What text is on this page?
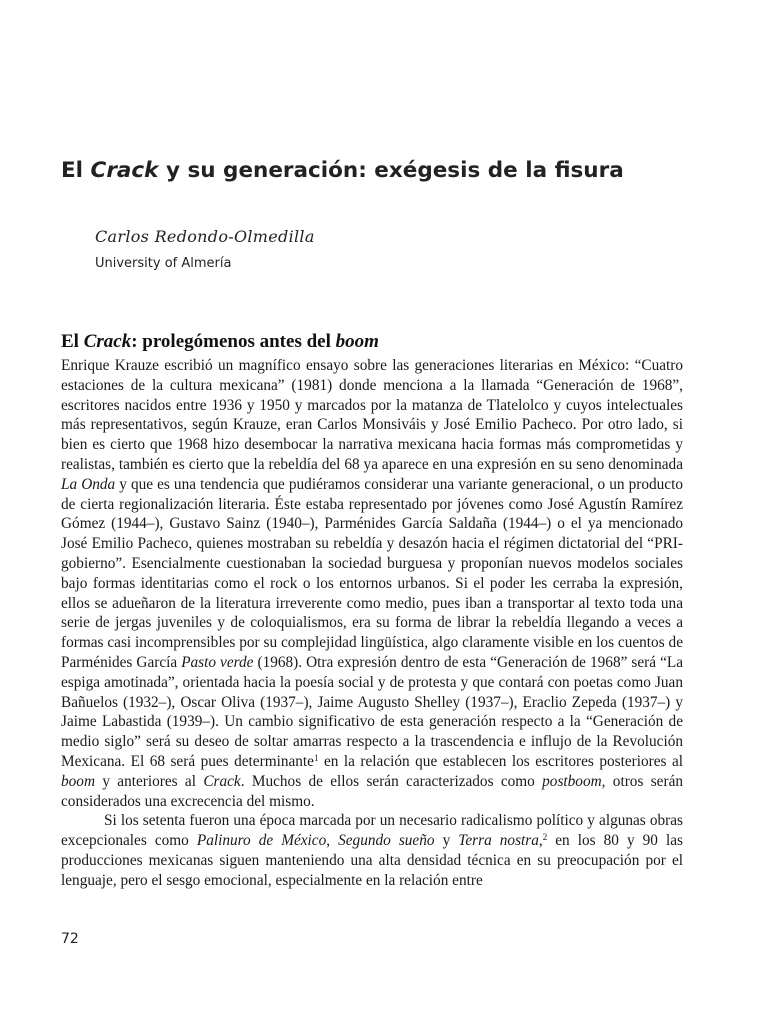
El Crack y su generación: exégesis de la fisura
Carlos Redondo-Olmedilla
University of Almería
El Crack: prolegómenos antes del boom

Enrique Krauze escribió un magnífico ensayo sobre las generaciones literarias en México: “Cuatro estaciones de la cultura mexicana” (1981) donde menciona a la llamada “Generación de 1968”, escritores nacidos entre 1936 y 1950 y marcados por la matanza de Tlatelolco y cuyos intelectuales más representativos, según Krauze, eran Carlos Monsiváis y José Emilio Pacheco. Por otro lado, si bien es cierto que 1968 hizo desembocar la narrativa mexicana hacia formas más comprometidas y realistas, también es cierto que la rebeldía del 68 ya aparece en una expresión en su seno denominada La Onda y que es una tendencia que pudiéramos considerar una variante generacional, o un producto de cierta regionalización literaria. Éste estaba representado por jóvenes como José Agustín Ramírez Gómez (1944–), Gustavo Sainz (1940–), Parménides García Saldaña (1944–) o el ya mencionado José Emilio Pacheco, quienes mostraban su rebeldía y desazón hacia el régimen dictatorial del “PRI-gobierno”. Esencialmente cuestionaban la sociedad burguesa y proponían nuevos modelos sociales bajo formas identitarias como el rock o los entornos urbanos. Si el poder les cerraba la expresión, ellos se adueñaron de la literatura irreverente como medio, pues iban a transportar al texto toda una serie de jergas juveniles y de coloquialismos, era su forma de librar la rebeldía llegando a veces a formas casi incomprensibles por su complejidad lingüística, algo claramente visible en los cuentos de Parménides García Pasto verde (1968). Otra expresión dentro de esta “Generación de 1968” será “La espiga amotinada”, orientada hacia la poesía social y de protesta y que contará con poetas como Juan Bañuelos (1932–), Oscar Oliva (1937–), Jaime Augusto Shelley (1937–), Eraclio Zepeda (1937–) y Jaime Labastida (1939–). Un cambio significativo de esta generación respecto a la “Generación de medio siglo” será su deseo de soltar amarras respecto a la trascendencia e influjo de la Revolución Mexicana. El 68 será pues determinante$^1$ en la relación que establecen los escritores posteriores al boom y anteriores al Crack. Muchos de ellos serán caracterizados como postboom, otros serán considerados una excrecencia del mismo.

Si los setenta fueron una época marcada por un necesario radicalismo político y algunas obras excepcionales como Palinuro de México, Segundo sueño y Terra nostra,$^2$ en los 80 y 90 las producciones mexicanas siguen manteniendo una alta densidad técnica en su preocupación por el lenguaje, pero el sesgo emocional, especialmente en la relación entre

72
